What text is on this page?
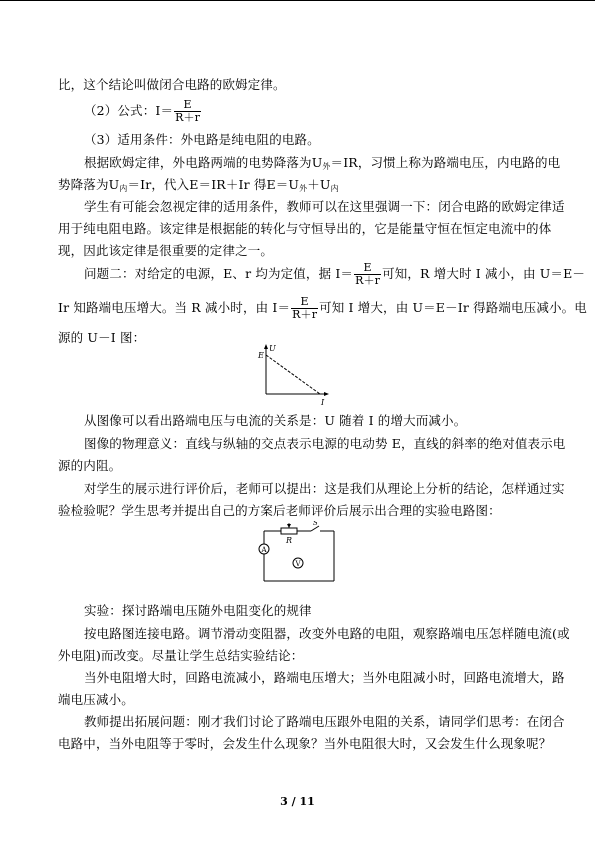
比，这个结论叫做闭合电路的欧姆定律。
（2）公式：$I= \frac{E}{R+r}$
（3）适用条件：外电路是纯电阻的电路。
根据欧姆定律，外电路两端的电势降落为$U_外=IR$，习惯上称为路端电压，内电路的电
势降落为$U_内=Ir$，代入E＝IR＋Ir 得$E=U_外+U_内$
学生有可能会忽视定律的适用条件，教师可以在这里强调一下：闭合电路的欧姆定律适
用于纯电阻电路。该定律是根据能的转化与守恒导出的，它是能量守恒在恒定电流中的体
现，因此该定律是很重要的定律之一。
问题二：对给定的电源，E、r 均为定值，据 $I= \frac{E}{R+r}$ 可知，R 增大时 I 减小，由 U＝E－
Ir 知路端电压增大。当 R 减小时，由 $I= \frac{E}{R+r}$ 可知 I 增大，由 U＝E－Ir 得路端电压减小。电
源的 U－I 图：
U
E
I
从图像可以看出路端电压与电流的关系是：U 随着 I 的增大而减小。
图像的物理意义：直线与纵轴的交点表示电源的电动势 E，直线的斜率的绝对值表示电
源的内阻。
对学生的展示进行评价后，老师可以提出：这是我们从理论上分析的结论，怎样通过实
验检验呢？学生思考并提出自己的方案后老师评价后展示出合理的实验电路图：
S
R
A
V
实验：探讨路端电压随外电阻变化的规律
按电路图连接电路。调节滑动变阻器，改变外电路的电阻，观察路端电压怎样随电流(或
外电阻)而改变。尽量让学生总结实验结论：
当外电阻增大时，回路电流减小，路端电压增大；当外电阻减小时，回路电流增大，路
端电压减小。
教师提出拓展问题：刚才我们讨论了路端电压跟外电阻的关系，请同学们思考：在闭合
电路中，当外电阻等于零时，会发生什么现象？当外电阻很大时，又会发生什么现象呢？
3 / 11
